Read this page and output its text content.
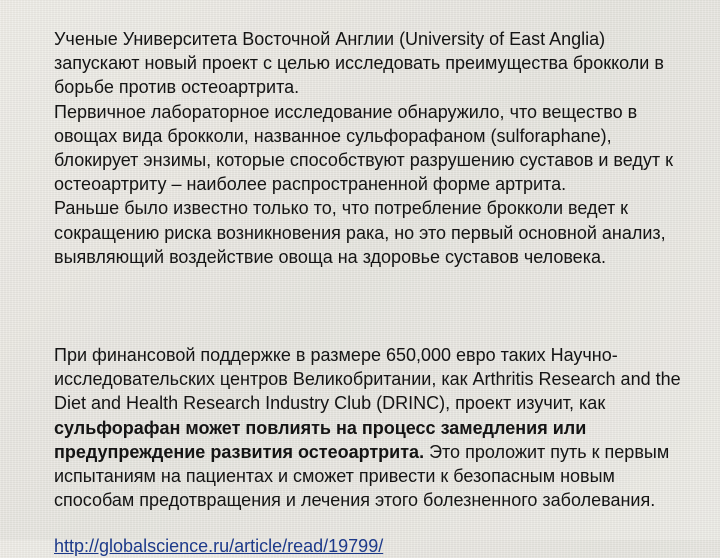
Ученые Университета Восточной Англии (University of East Anglia) запускают новый проект с целью исследовать преимущества брокколи в борьбе против остеоартрита.

Первичное лабораторное исследование обнаружило, что вещество в овощах вида брокколи, названное сульфорафаном (sulforaphane), блокирует энзимы, которые способствуют разрушению суставов и ведут к остеоартриту – наиболее распространенной форме артрита.

Раньше было известно только то, что потребление брокколи ведет к сокращению риска возникновения рака, но это первый основной анализ, выявляющий воздействие овоща на здоровье суставов человека.

При финансовой поддержке в размере 650,000 евро таких Научно-исследовательских центров Великобритании, как Arthritis Research and the Diet and Health Research Industry Club (DRINC), проект изучит, как сульфорафан может повлиять на процесс замедления или предупреждение развития остеоартрита. Это проложит путь к первым испытаниям на пациентах и сможет привести к безопасным новым способам предотвращения и лечения этого болезненного заболевания.

http://globalscience.ru/article/read/19799/
